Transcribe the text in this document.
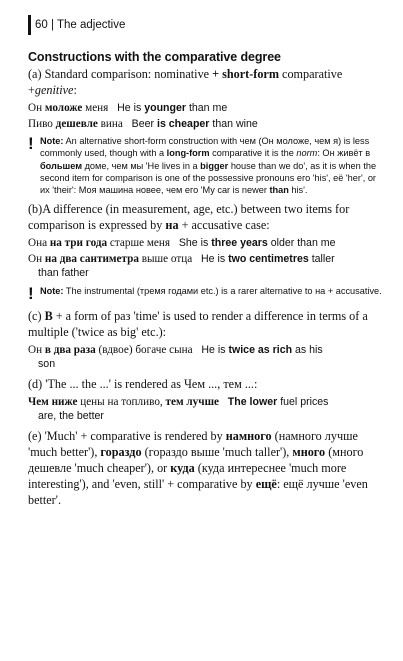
60 | The adjective
Constructions with the comparative degree

(a) Standard comparison: nominative + short-form comparative +genitive:

Он моложе меня He is younger than me
Пиво дешевле вина Beer is cheaper than wine
! Note: An alternative short-form construction with чем (Он моложе, чем я) is less commonly used, though with a long-form comparative it is the norm: Он живёт в большем доме, чем мы 'He lives in a bigger house than we do', as it is when the second item for comparison is one of the possessive pronouns его 'his', её 'her', or их 'their': Моя машина новее, чем его 'My car is newer than his'.

(b)A difference (in measurement, age, etc.) between two items for comparison is expressed by на + accusative case:

Она на три года старше меня She is three years older than me
Он на два сантиметра выше отца He is two centimetres taller
than father
! Note: The instrumental (тремя годами etc.) is a rarer alternative to на + accusative.

(c) В + a form of раз 'time' is used to render a difference in terms of a multiple ('twice as big' etc.):

Он в два раза (вдвое) богаче сына He is twice as rich as his
son

(d) 'The ... the ...' is rendered as Чем ..., тем ...:

Чем ниже цены на топливо, тем лучше The lower fuel prices
are, the better

(e) 'Much' + comparative is rendered by намного (намного лучше 'much better'), гораздо (гораздо выше 'much taller'), много (много дешевле 'much cheaper'), or куда (куда интереснее 'much more interesting'), and 'even, still' + comparative by ещё: ещё лучше 'even better'.
